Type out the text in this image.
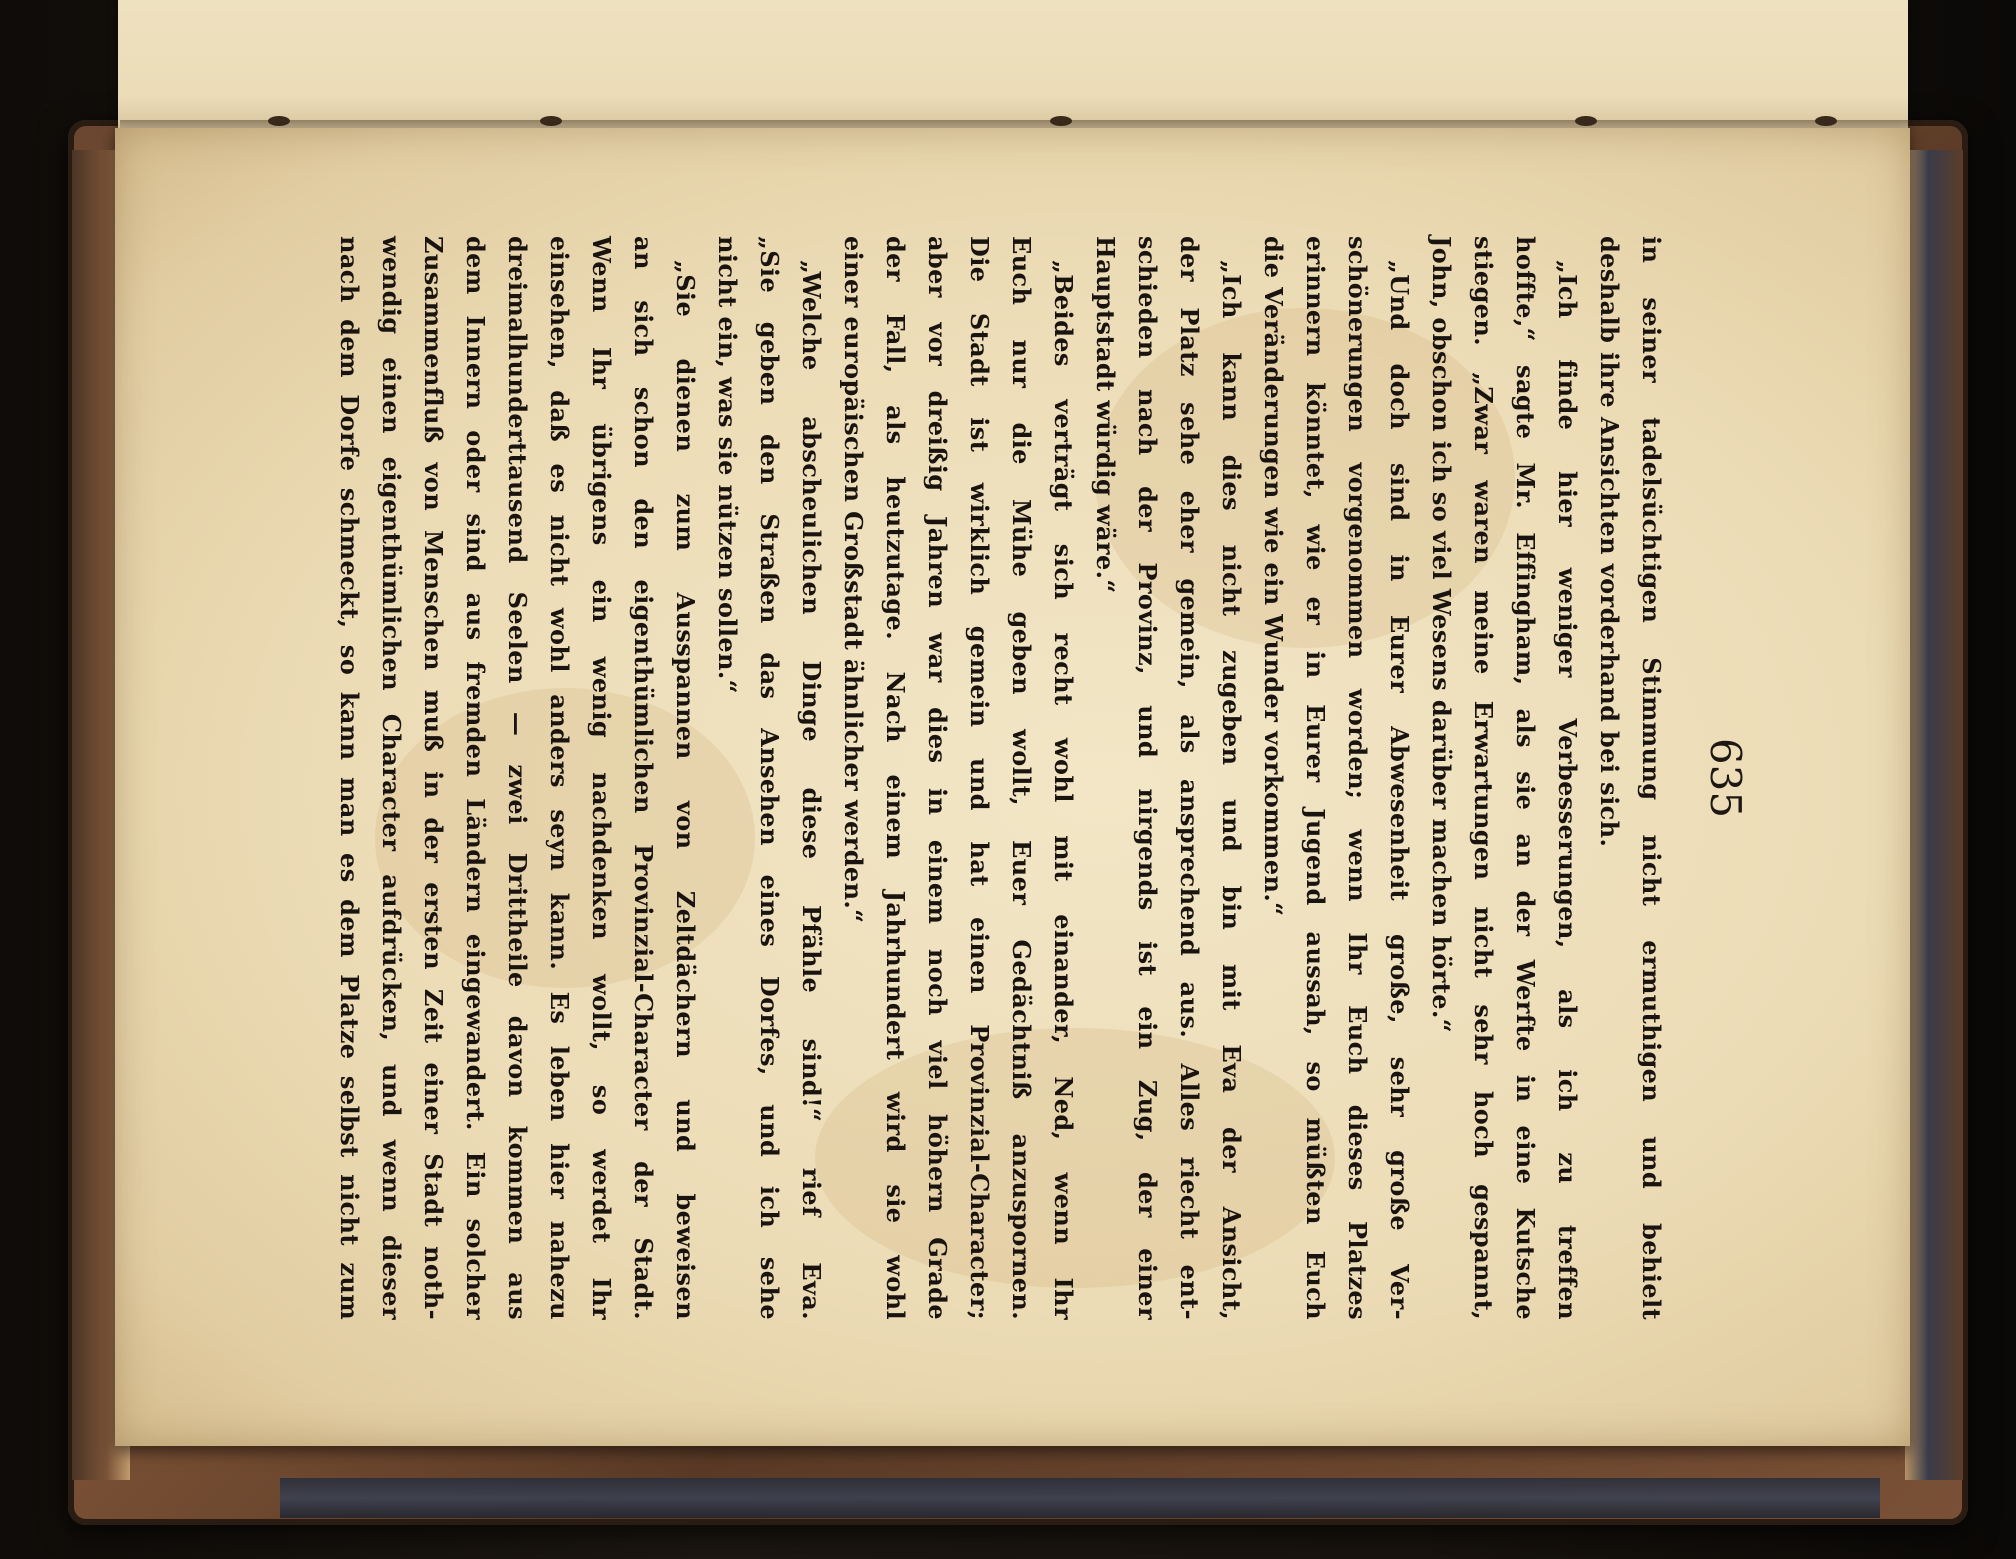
635
in seiner tadelsüchtigen Stimmung nicht ermuthigen und behielt
deshalb ihre Ansichten vorderhand bei sich.
„Ich finde hier weniger Verbesserungen, als ich zu treffen
hoffte,“ sagte Mr. Effingham, als sie an der Werfte in eine Kutsche
stiegen. „Zwar waren meine Erwartungen nicht sehr hoch gespannt,
John, obschon ich so viel Wesens darüber machen hörte.“
„Und doch sind in Eurer Abwesenheit große, sehr große Ver-
schönerungen vorgenommen worden; wenn Ihr Euch dieses Platzes
erinnern könntet, wie er in Eurer Jugend aussah, so müßten Euch
die Veränderungen wie ein Wunder vorkommen.“
„Ich kann dies nicht zugeben und bin mit Eva der Ansicht,
der Platz sehe eher gemein, als ansprechend aus. Alles riecht ent-
schieden nach der Provinz, und nirgends ist ein Zug, der einer
Hauptstadt würdig wäre.“
„Beides verträgt sich recht wohl mit einander, Ned, wenn Ihr
Euch nur die Mühe geben wollt, Euer Gedächtniß anzuspornen.
Die Stadt ist wirklich gemein und hat einen Provinzial-Character;
aber vor dreißig Jahren war dies in einem noch viel höhern Grade
der Fall, als heutzutage. Nach einem Jahrhundert wird sie wohl
einer europäischen Großstadt ähnlicher werden.“
„Welche abscheulichen Dinge diese Pfähle sind!“ rief Eva.
„Sie geben den Straßen das Ansehen eines Dorfes, und ich sehe
nicht ein, was sie nützen sollen.“
„Sie dienen zum Ausspannen von Zeltdächern und beweisen
an sich schon den eigenthümlichen Provinzial-Character der Stadt.
Wenn Ihr übrigens ein wenig nachdenken wollt, so werdet Ihr
einsehen, daß es nicht wohl anders seyn kann. Es leben hier nahezu
dreimalhunderttausend Seelen — zwei Drittheile davon kommen aus
dem Innern oder sind aus fremden Ländern eingewandert. Ein solcher
Zusammenfluß von Menschen muß in der ersten Zeit einer Stadt noth-
wendig einen eigenthümlichen Character aufdrücken, und wenn dieser
nach dem Dorfe schmeckt, so kann man es dem Platze selbst nicht zum
